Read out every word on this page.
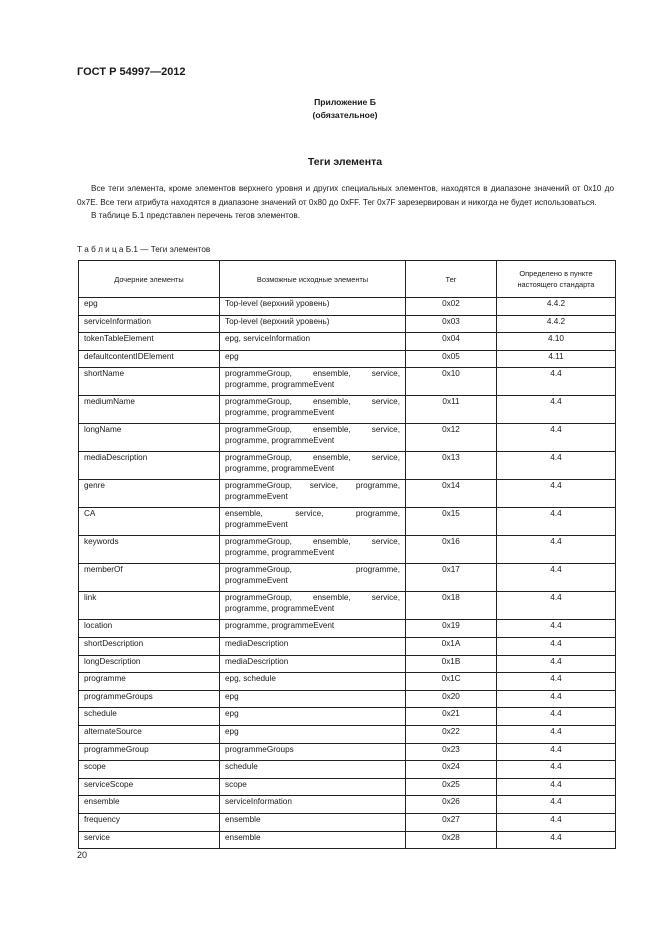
ГОСТ Р 54997—2012
Приложение Б
(обязательное)
Теги элемента

Все теги элемента, кроме элементов верхнего уровня и других специальных элементов, находятся в диапазоне значений от 0x10 до 0x7E. Все теги атрибута находятся в диапазоне значений от 0x80 до 0xFF. Тег 0x7F зарезервирован и никогда не будет использоваться.

В таблице Б.1 представлен перечень тегов элементов.

Т а б л и ц а Б.1 — Теги элементов
Дочерние элементы	Возможные исходные элементы	Тег	Определено в пункте настоящего стандарта
epg	Top-level (верхний уровень)	0x02	4.4.2
serviceInformation	Top-level (верхний уровень)	0x03	4.4.2
tokenTableElement	epg, serviceInformation	0x04	4.10
defaultcontentIDElement	epg	0x05	4.11
shortName	programmeGroup, ensemble, service, programme, programmeEvent	0x10	4.4
mediumName	programmeGroup, ensemble, service, programme, programmeEvent	0x11	4.4
longName	programmeGroup, ensemble, service, programme, programmeEvent	0x12	4.4
mediaDescription	programmeGroup, ensemble, service, programme, programmeEvent	0x13	4.4
genre	programmeGroup, service, programme, programmeEvent	0x14	4.4
CA	ensemble, service, programme, programmeEvent	0x15	4.4
keywords	programmeGroup, ensemble, service, programme, programmeEvent	0x16	4.4
memberOf	programmeGroup, programme, programmeEvent	0x17	4.4
link	programmeGroup, ensemble, service, programme, programmeEvent	0x18	4.4
location	programme, programmeEvent	0x19	4.4
shortDescription	mediaDescription	0x1A	4.4
longDescription	mediaDescription	0x1B	4.4
programme	epg, schedule	0x1C	4.4
programmeGroups	epg	0x20	4.4
schedule	epg	0x21	4.4
alternateSource	epg	0x22	4.4
programmeGroup	programmeGroups	0x23	4.4
scope	schedule	0x24	4.4
serviceScope	scope	0x25	4.4
ensemble	serviceInformation	0x26	4.4
frequency	ensemble	0x27	4.4
service	ensemble	0x28	4.4
20
